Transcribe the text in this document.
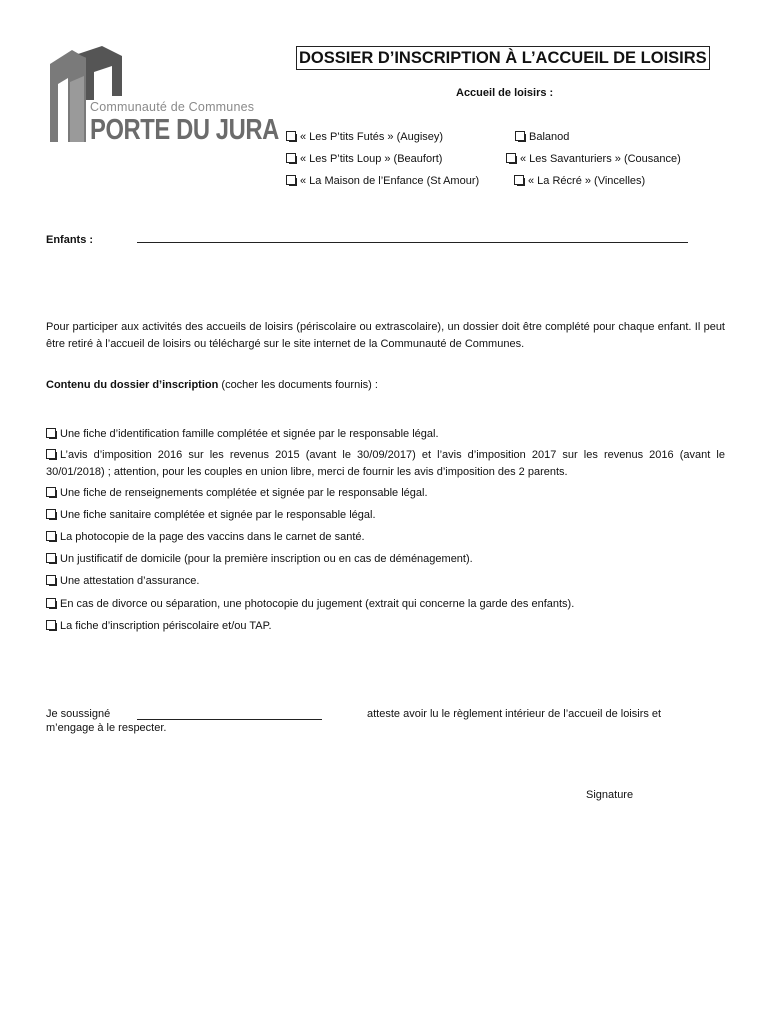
Communauté de Communes
PORTE DU JURA
DOSSIER D’INSCRIPTION À L’ACCUEIL DE LOISIRS
Accueil de loisirs :
« Les P’tits Futés » (Augisey)	Balanod
« Les P’tits Loup » (Beaufort)	« Les Savanturiers » (Cousance)
« La Maison de l’Enfance (St Amour)	« La Récré » (Vincelles)
Enfants :
Pour participer aux activités des accueils de loisirs (périscolaire ou extrascolaire), un dossier doit être complété pour chaque enfant. Il peut être retiré à l’accueil de loisirs ou téléchargé sur le site internet de la Communauté de Communes.
Contenu du dossier d’inscription (cocher les documents fournis) :
Une fiche d’identification famille complétée et signée par le responsable légal.
L’avis d’imposition 2016 sur les revenus 2015 (avant le 30/09/2017) et l’avis d’imposition 2017 sur les revenus 2016 (avant le 30/01/2018) ; attention, pour les couples en union libre, merci de fournir les avis d’imposition des 2 parents.
Une fiche de renseignements complétée et signée par le responsable légal.
Une fiche sanitaire complétée et signée par le responsable légal.
La photocopie de la page des vaccins dans le carnet de santé.
Un justificatif de domicile (pour la première inscription ou en cas de déménagement).
Une attestation d’assurance.
En cas de divorce ou séparation, une photocopie du jugement (extrait qui concerne la garde des enfants).
La fiche d’inscription périscolaire et/ou TAP.
Je soussigné	atteste avoir lu le règlement intérieur de l’accueil de loisirs et
m’engage à le respecter.
Signature
